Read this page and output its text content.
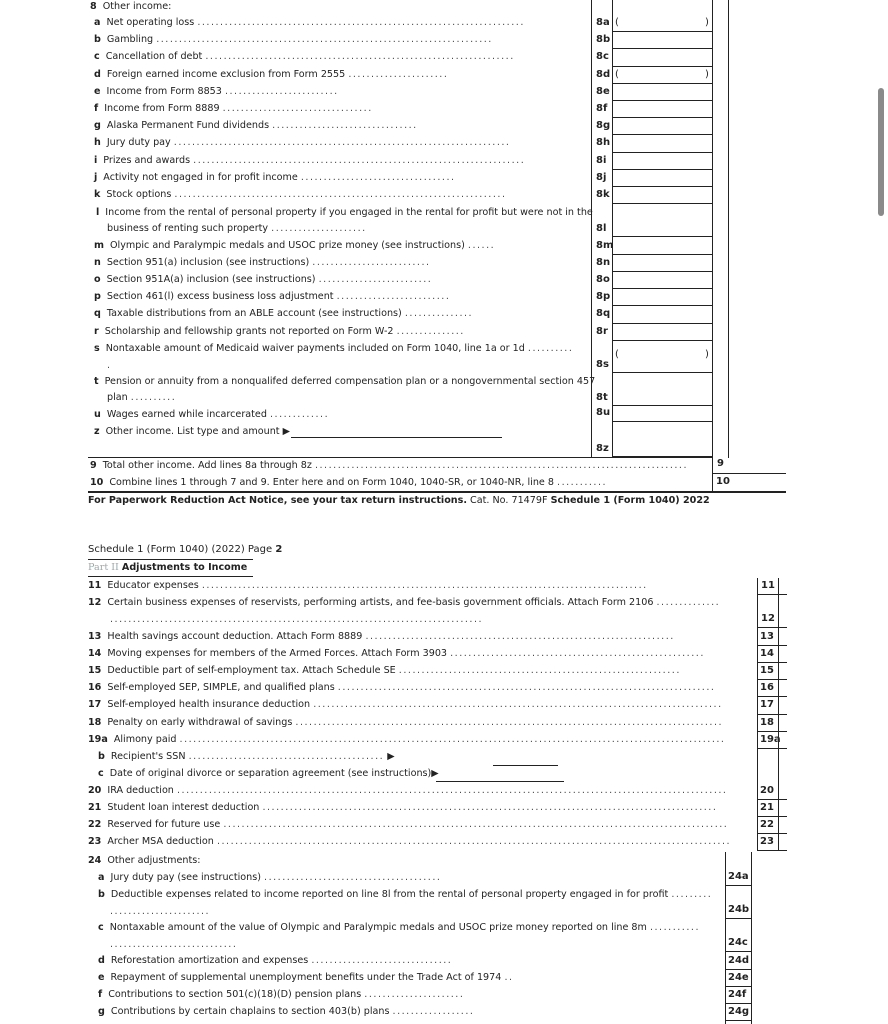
8 Other income:
a Net operating loss ........................................................................	8a (	)
b Gambling ..........................................................................	8b
c Cancellation of debt ....................................................................	8c
d Foreign earned income exclusion from Form 2555 ......................	8d (	)
e Income from Form 8853 .........................	8e
f Income from Form 8889 .................................	8f
g Alaska Permanent Fund dividends ................................	8g
h Jury duty pay ..........................................................................	8h
i Prizes and awards .........................................................................	8i
j Activity not engaged in for profit income ..................................	8j
k Stock options .........................................................................	8k
l Income from the rental of personal property if you engaged in the rental for profit but were not in the
business of renting such property .....................	8l
m Olympic and Paralympic medals and USOC prize money (see instructions) ......	8m
n Section 951(a) inclusion (see instructions) ..........................	8n
o Section 951A(a) inclusion (see instructions) .........................	8o
p Section 461(l) excess business loss adjustment .........................	8p
q Taxable distributions from an ABLE account (see instructions) ...............	8q
r Scholarship and fellowship grants not reported on Form W-2 ...............	8r
s Nontaxable amount of Medicaid waiver payments included on Form 1040, line 1a or 1d ..........
.	8s
(	)
t Pension or annuity from a nonqualifed deferred compensation plan or a nongovernmental section 457
plan ..........	8t
u Wages earned while incarcerated .............	8u
z Other income. List type and amount ▶
8z
9 Total other income. Add lines 8a through 8z ..................................................................................	9
10 Combine lines 1 through 7 and 9. Enter here and on Form 1040, 1040-SR, or 1040-NR, line 8 ...........	10
For Paperwork Reduction Act Notice, see your tax return instructions. Cat. No. 71479F Schedule 1 (Form 1040) 2022
Schedule 1 (Form 1040) (2022) Page 2
Part II Adjustments to Income
11 Educator expenses ..................................................................................................	11
12 Certain business expenses of reservists, performing artists, and fee-basis government officials. Attach Form 2106 ..............
..................................................................................	12
13 Health savings account deduction. Attach Form 8889 ....................................................................	13
14 Moving expenses for members of the Armed Forces. Attach Form 3903 ........................................................	14
15 Deductible part of self-employment tax. Attach Schedule SE ..............................................................	15
16 Self-employed SEP, SIMPLE, and qualified plans ...................................................................................	16
17 Self-employed health insurance deduction ..........................................................................................	17
18 Penalty on early withdrawal of savings ..............................................................................................	18
19a Alimony paid ........................................................................................................................	19a
b Recipient's SSN ........................................... ▶
c Date of original divorce or separation agreement (see instructions)▶
20 IRA deduction .........................................................................................................................	20
21 Student loan interest deduction ....................................................................................................	21
22 Reserved for future use ...............................................................................................................	22
23 Archer MSA deduction .................................................................................................................	23
24 Other adjustments:
a Jury duty pay (see instructions) .......................................	24a
b Deductible expenses related to income reported on line 8l from the rental of personal property engaged in for profit .........
......................	24b
c Nontaxable amount of the value of Olympic and Paralympic medals and USOC prize money reported on line 8m ...........
............................	24c
d Reforestation amortization and expenses ...............................	24d
e Repayment of supplemental unemployment benefits under the Trade Act of 1974 ..	24e
f Contributions to section 501(c)(18)(D) pension plans ......................	24f
g Contributions by certain chaplains to section 403(b) plans ..................	24g
